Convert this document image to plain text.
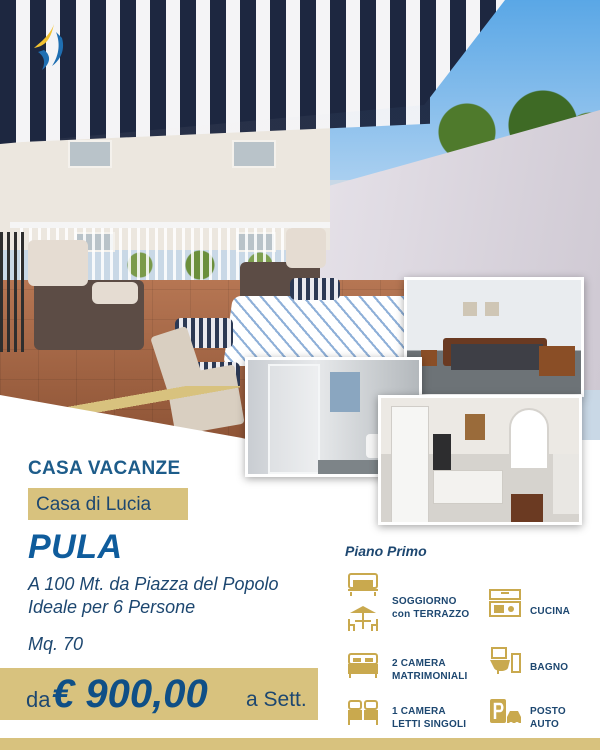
CASA VACANZE
Casa di Lucia
PULA
A 100 Mt. da Piazza del Popolo
Ideale per 6 Persone
Mq. 70
da € 900,00 a Sett.
Piano Primo
SOGGIORNO
con TERRAZZO	CUCINA
2 CAMERA
MATRIMONIALI
BAGNO
1 CAMERA
LETTI SINGOLI
POSTO
AUTO
